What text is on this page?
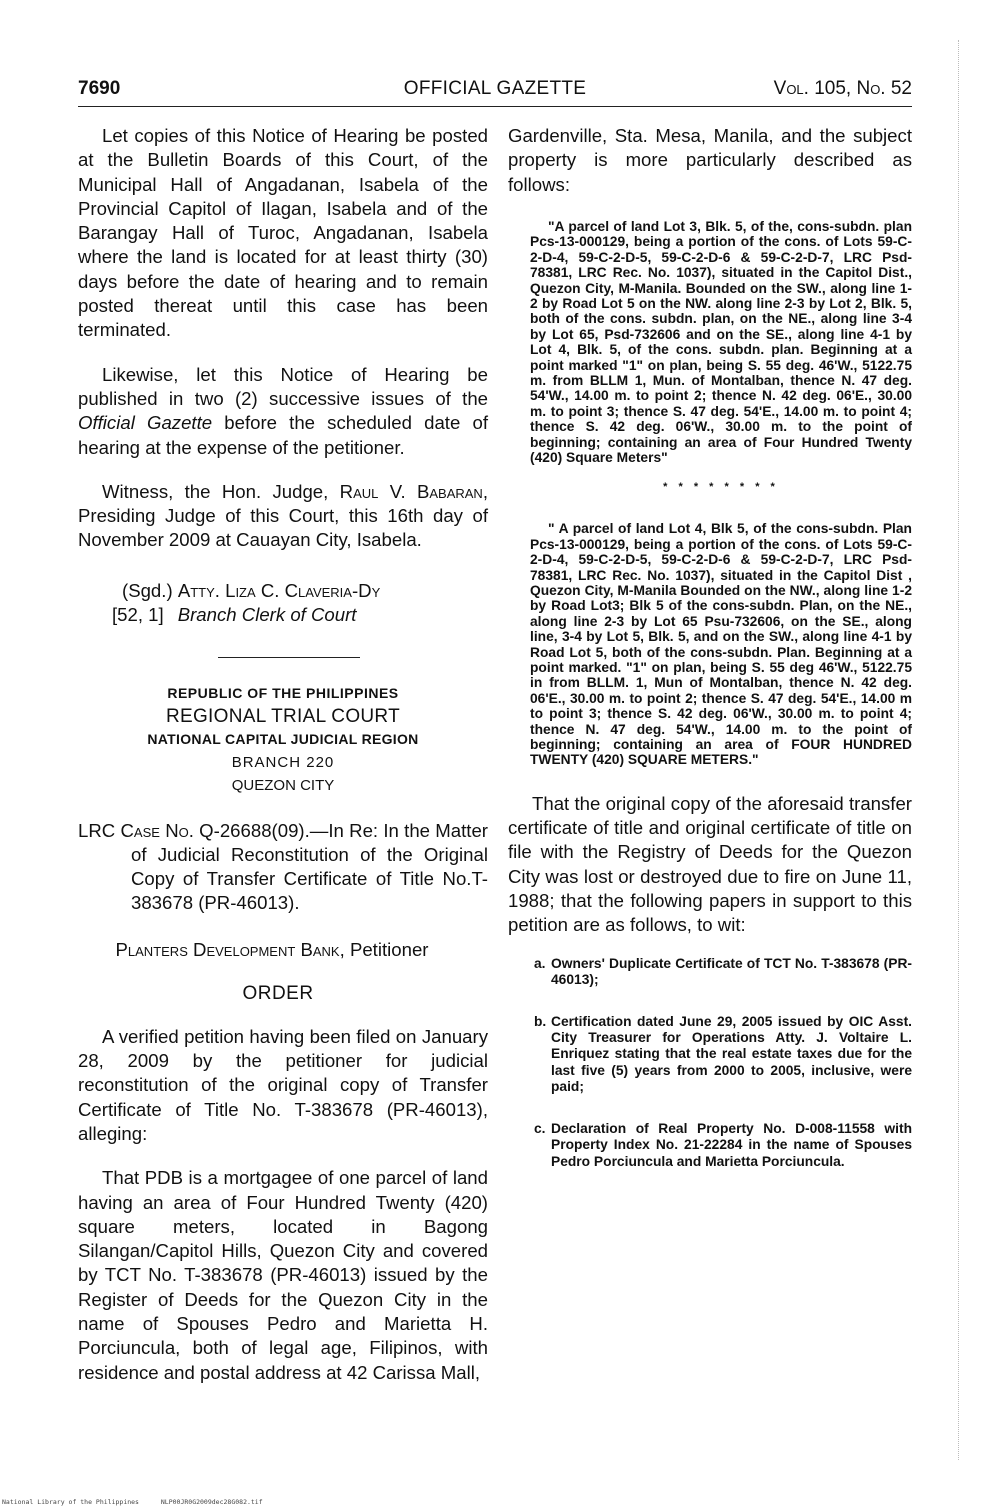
7690	OFFICIAL GAZETTE	Vol. 105, No. 52

Let copies of this Notice of Hearing be posted at the Bulletin Boards of this Court, of the Municipal Hall of Angadanan, Isabela of the Provincial Capitol of Ilagan, Isabela and of the Barangay Hall of Turoc, Angadanan, Isabela where the land is located for at least thirty (30) days before the date of hearing and to remain posted thereat until this case has been terminated.

Likewise, let this Notice of Hearing be published in two (2) successive issues of the Official Gazette before the scheduled date of hearing at the expense of the petitioner.

Witness, the Hon. Judge, Raul V. Babaran, Presiding Judge of this Court, this 16th day of November 2009 at Cauayan City, Isabela.

(Sgd.) Atty. Liza C. Claveria-Dy
[52, 1] Branch Clerk of Court
REPUBLIC OF THE PHILIPPINES
REGIONAL TRIAL COURT
NATIONAL CAPITAL JUDICIAL REGION
BRANCH 220
QUEZON CITY

LRC Case No. Q-26688(09).—In Re: In the Matter of Judicial Reconstitution of the Original Copy of Transfer Certificate of Title No.T-383678 (PR-46013).

Planters Development Bank, Petitioner

ORDER

A verified petition having been filed on January 28, 2009 by the petitioner for judicial reconstitution of the original copy of Transfer Certificate of Title No. T-383678 (PR-46013), alleging:

That PDB is a mortgagee of one parcel of land having an area of Four Hundred Twenty (420) square meters, located in Bagong Silangan/Capitol Hills, Quezon City and covered by TCT No. T-383678 (PR-46013) issued by the Register of Deeds for the Quezon City in the name of Spouses Pedro and Marietta H. Porciuncula, both of legal age, Filipinos, with residence and postal address at 42 Carissa Mall,

Gardenville, Sta. Mesa, Manila, and the subject property is more particularly described as follows:

"A parcel of land Lot 3, Blk. 5, of the, cons-subdn. plan Pcs-13-000129, being a portion of the cons. of Lots 59-C-2-D-4, 59-C-2-D-5, 59-C-2-D-6 & 59-C-2-D-7, LRC Psd-78381, LRC Rec. No. 1037), situated in the Capitol Dist., Quezon City, M-Manila. Bounded on the SW., along line 1-2 by Road Lot 5 on the NW. along line 2-3 by Lot 2, Blk. 5, both of the cons. subdn. plan, on the NE., along line 3-4 by Lot 65, Psd-732606 and on the SE., along line 4-1 by Lot 4, Blk. 5, of the cons. subdn. plan. Beginning at a point marked "1" on plan, being S. 55 deg. 46'W., 5122.75 m. from BLLM 1, Mun. of Montalban, thence N. 47 deg. 54'W., 14.00 m. to point 2; thence N. 42 deg. 06'E., 30.00 m. to point 3; thence S. 47 deg. 54'E., 14.00 m. to point 4; thence S. 42 deg. 06'W., 30.00 m. to the point of beginning; containing an area of Four Hundred Twenty (420) Square Meters"

* * * * * * * *

" A parcel of land Lot 4, Blk 5, of the cons-subdn. Plan Pcs-13-000129, being a portion of the cons. of Lots 59-C-2-D-4, 59-C-2-D-5, 59-C-2-D-6 & 59-C-2-D-7, LRC Psd-78381, LRC Rec. No. 1037), situated in the Capitol Dist , Quezon City, M-Manila Bounded on the NW., along line 1-2 by Road Lot3; Blk 5 of the cons-subdn. Plan, on the NE., along line 2-3 by Lot 65 Psu-732606, on the SE., along line, 3-4 by Lot 5, Blk. 5, and on the SW., along line 4-1 by Road Lot 5, both of the cons-subdn. Plan. Beginning at a point marked. "1" on plan, being S. 55 deg 46'W., 5122.75 in from BLLM. 1, Mun of Montalban, thence N. 42 deg. 06'E., 30.00 m. to point 2; thence S. 47 deg. 54'E., 14.00 m to point 3; thence S. 42 deg. 06'W., 30.00 m. to point 4; thence N. 47 deg. 54'W., 14.00 m. to the point of beginning; containing an area of FOUR HUNDRED TWENTY (420) SQUARE METERS."

That the original copy of the aforesaid transfer certificate of title and original certificate of title on file with the Registry of Deeds for the Quezon City was lost or destroyed due to fire on June 11, 1988; that the following papers in support to this petition are as follows, to wit:

a. Owners' Duplicate Certificate of TCT No. T-383678 (PR-46013);
b. Certification dated June 29, 2005 issued by OIC Asst. City Treasurer for Operations Atty. J. Voltaire L. Enriquez stating that the real estate taxes due for the last five (5) years from 2000 to 2005, inclusive, were paid;
c. Declaration of Real Property No. D-008-11558 with Property Index No. 21-22284 in the name of Spouses Pedro Porciuncula and Marietta Porciuncula.
National Library of the Philippines	NLP00JR0G2009dec28G082.tif
